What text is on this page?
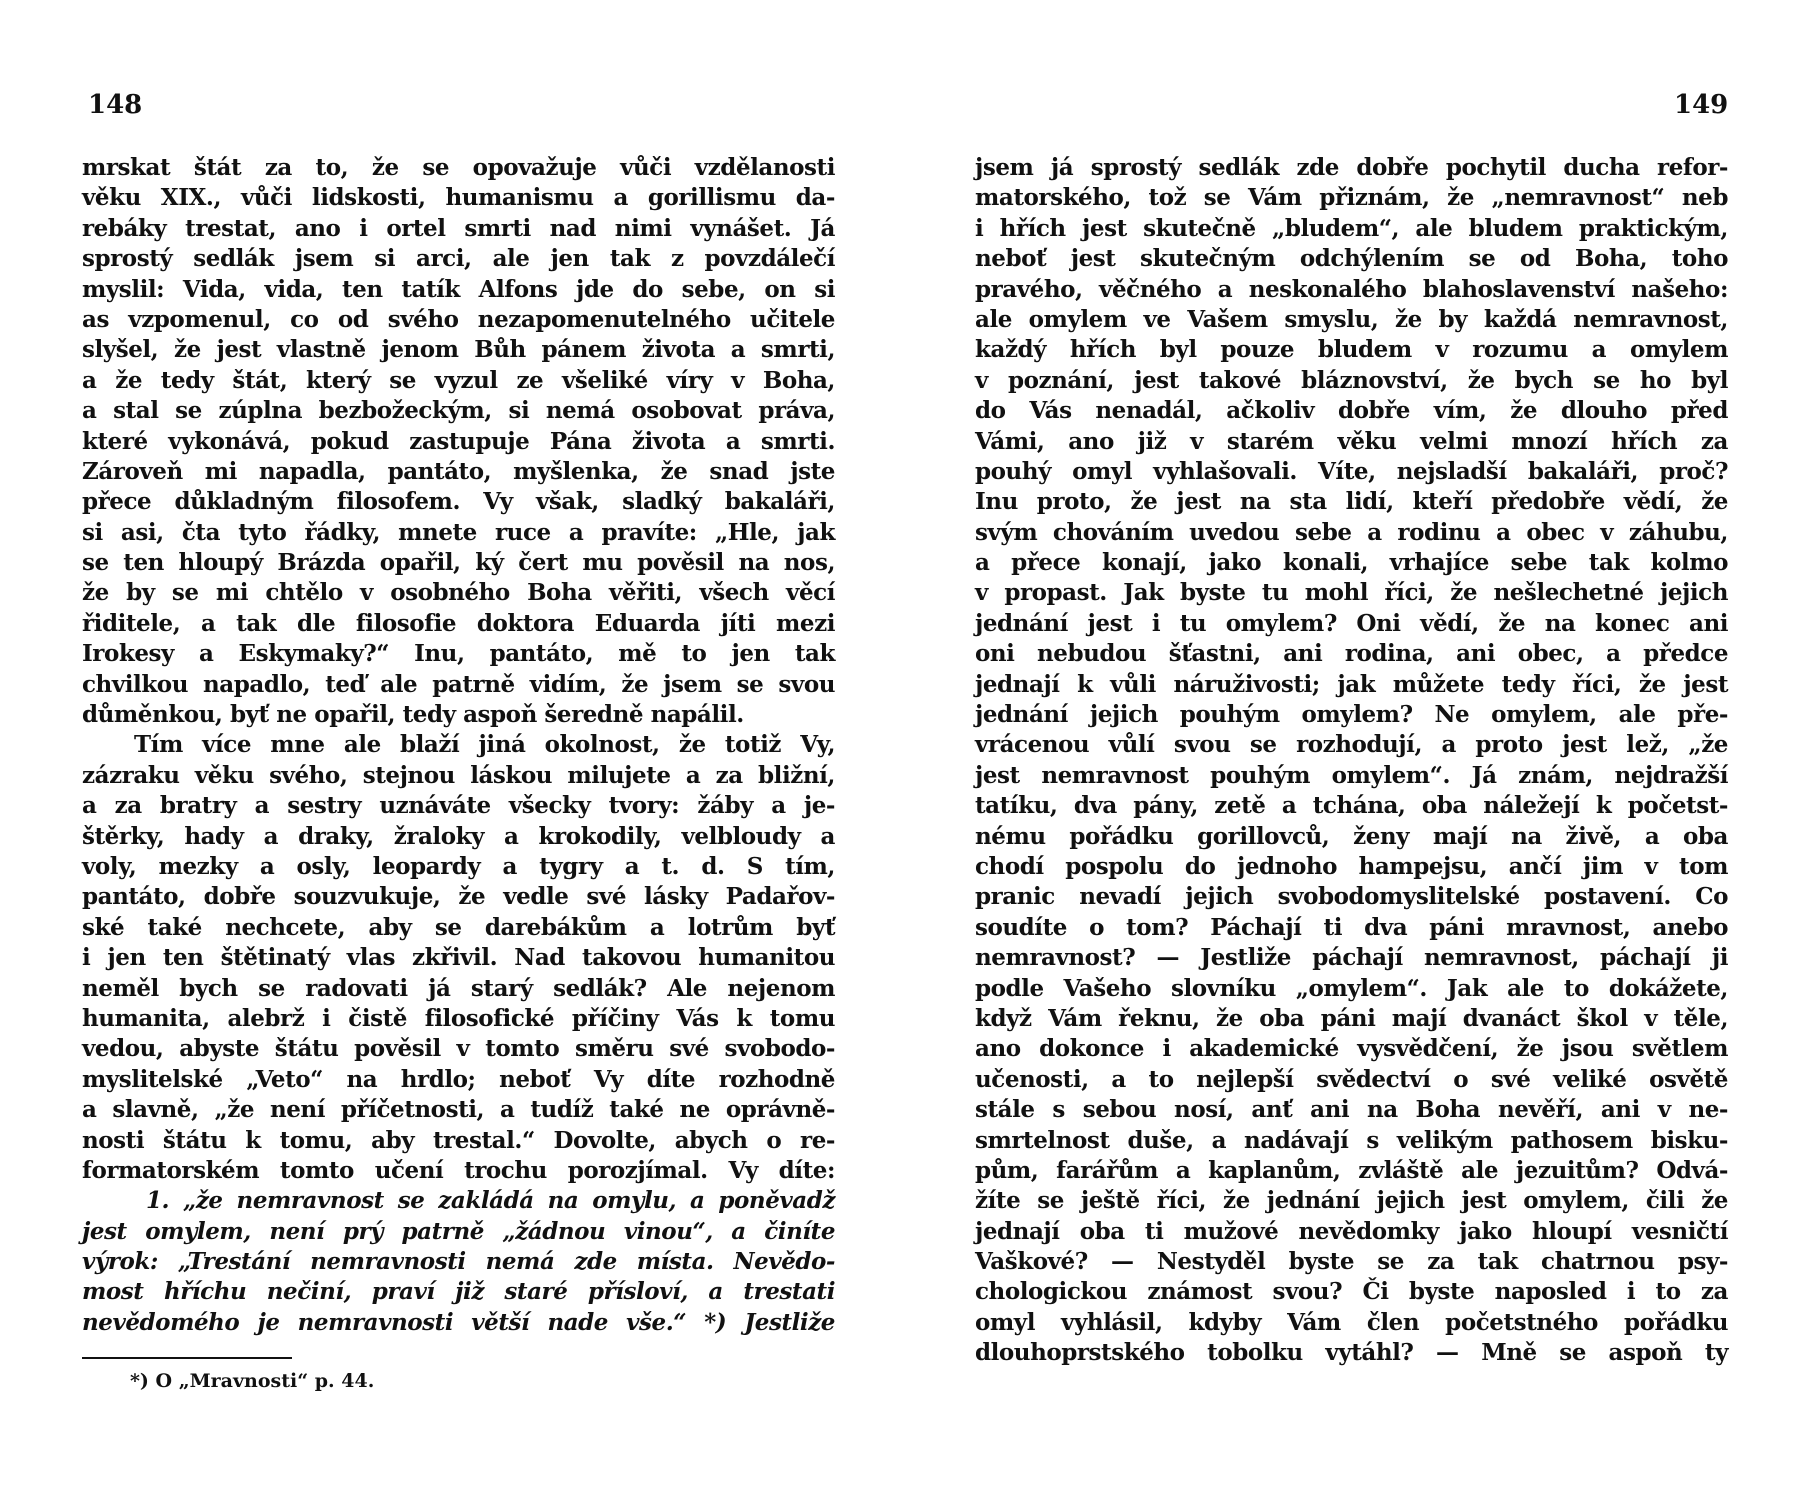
148	149
mrskat štát za to, že se opovažuje vůči vzdělanosti
věku XIX., vůči lidskosti, humanismu a gorillismu da-
rebáky trestat, ano i ortel smrti nad nimi vynášet. Já
sprostý sedlák jsem si arci, ale jen tak z povzdálečí
myslil: Vida, vida, ten tatík Alfons jde do sebe, on si
as vzpomenul, co od svého nezapomenutelného učitele
slyšel, že jest vlastně jenom Bůh pánem života a smrti,
a že tedy štát, který se vyzul ze všeliké víry v Boha,
a stal se zúplna bezbožeckým, si nemá osobovat práva,
které vykonává, pokud zastupuje Pána života a smrti.
Zároveň mi napadla, pantáto, myšlenka, že snad jste
přece důkladným filosofem. Vy však, sladký bakaláři,
si asi, čta tyto řádky, mnete ruce a pravíte: „Hle, jak
se ten hloupý Brázda opařil, ký čert mu pověsil na nos,
že by se mi chtělo v osobného Boha věřiti, všech věcí
řiditele, a tak dle filosofie doktora Eduarda jíti mezi
Irokesy a Eskymaky?“ Inu, pantáto, mě to jen tak
chvilkou napadlo, teď ale patrně vidím, že jsem se svou
důměnkou, byť ne opařil, tedy aspoň šeredně napálil.
Tím více mne ale blaží jiná okolnost, že totiž Vy,
zázraku věku svého, stejnou láskou milujete a za bližní,
a za bratry a sestry uznáváte všecky tvory: žáby a je-
štěrky, hady a draky, žraloky a krokodily, velbloudy a
voly, mezky a osly, leopardy a tygry a t. d. S tím,
pantáto, dobře souzvukuje, že vedle své lásky Padařov-
ské také nechcete, aby se darebákům a lotrům byť
i jen ten štětinatý vlas zkřivil. Nad takovou humanitou
neměl bych se radovati já starý sedlák? Ale nejenom
humanita, alebrž i čistě filosofické příčiny Vás k tomu
vedou, abyste štátu pověsil v tomto směru své svobodo-
myslitelské „Veto“ na hrdlo; neboť Vy díte rozhodně
a slavně, „že není příčetnosti, a tudíž také ne oprávně-
nosti štátu k tomu, aby trestal.“ Dovolte, abych o re-
formatorském tomto učení trochu porozjímal. Vy díte:
1. „že nemravnost se zakládá na omylu, a poněvadž
jest omylem, není prý patrně „žádnou vinou“, a činíte
výrok: „Trestání nemravnosti nemá zde místa. Nevědo-
most hříchu nečiní, praví již staré přísloví, a trestati
nevědomého je nemravnosti větší nade vše.“ *) Jestliže
jsem já sprostý sedlák zde dobře pochytil ducha refor-
matorského, tož se Vám přiznám, že „nemravnost“ neb
i hřích jest skutečně „bludem“, ale bludem praktickým,
neboť jest skutečným odchýlením se od Boha, toho
pravého, věčného a neskonalého blahoslavenství našeho:
ale omylem ve Vašem smyslu, že by každá nemravnost,
každý hřích byl pouze bludem v rozumu a omylem
v poznání, jest takové bláznovství, že bych se ho byl
do Vás nenadál, ačkoliv dobře vím, že dlouho před
Vámi, ano již v starém věku velmi mnozí hřích za
pouhý omyl vyhlašovali. Víte, nejsladší bakaláři, proč?
Inu proto, že jest na sta lidí, kteří předobře vědí, že
svým chováním uvedou sebe a rodinu a obec v záhubu,
a přece konají, jako konali, vrhajíce sebe tak kolmo
v propast. Jak byste tu mohl říci, že nešlechetné jejich
jednání jest i tu omylem? Oni vědí, že na konec ani
oni nebudou šťastni, ani rodina, ani obec, a předce
jednají k vůli náruživosti; jak můžete tedy říci, že jest
jednání jejich pouhým omylem? Ne omylem, ale pře-
vrácenou vůlí svou se rozhodují, a proto jest lež, „že
jest nemravnost pouhým omylem“. Já znám, nejdražší
tatíku, dva pány, zetě a tchána, oba náležejí k početst-
nému pořádku gorillovců, ženy mají na živě, a oba
chodí pospolu do jednoho hampejsu, ančí jim v tom
pranic nevadí jejich svobodomyslitelské postavení. Co
soudíte o tom? Páchají ti dva páni mravnost, anebo
nemravnost? — Jestliže páchají nemravnost, páchají ji
podle Vašeho slovníku „omylem“. Jak ale to dokážete,
když Vám řeknu, že oba páni mají dvanáct škol v těle,
ano dokonce i akademické vysvědčení, že jsou světlem
učenosti, a to nejlepší svědectví o své veliké osvětě
stále s sebou nosí, anť ani na Boha nevěří, ani v ne-
smrtelnost duše, a nadávají s velikým pathosem bisku-
pům, farářům a kaplanům, zvláště ale jezuitům? Odvá-
žíte se ještě říci, že jednání jejich jest omylem, čili že
jednají oba ti mužové nevědomky jako hloupí vesničtí
Vaškové? — Nestyděl byste se za tak chatrnou psy-
chologickou známost svou? Či byste naposled i to za
omyl vyhlásil, kdyby Vám člen početstného pořádku
dlouhoprstského tobolku vytáhl? — Mně se aspoň ty
*) O „Mravnosti“ p. 44.
